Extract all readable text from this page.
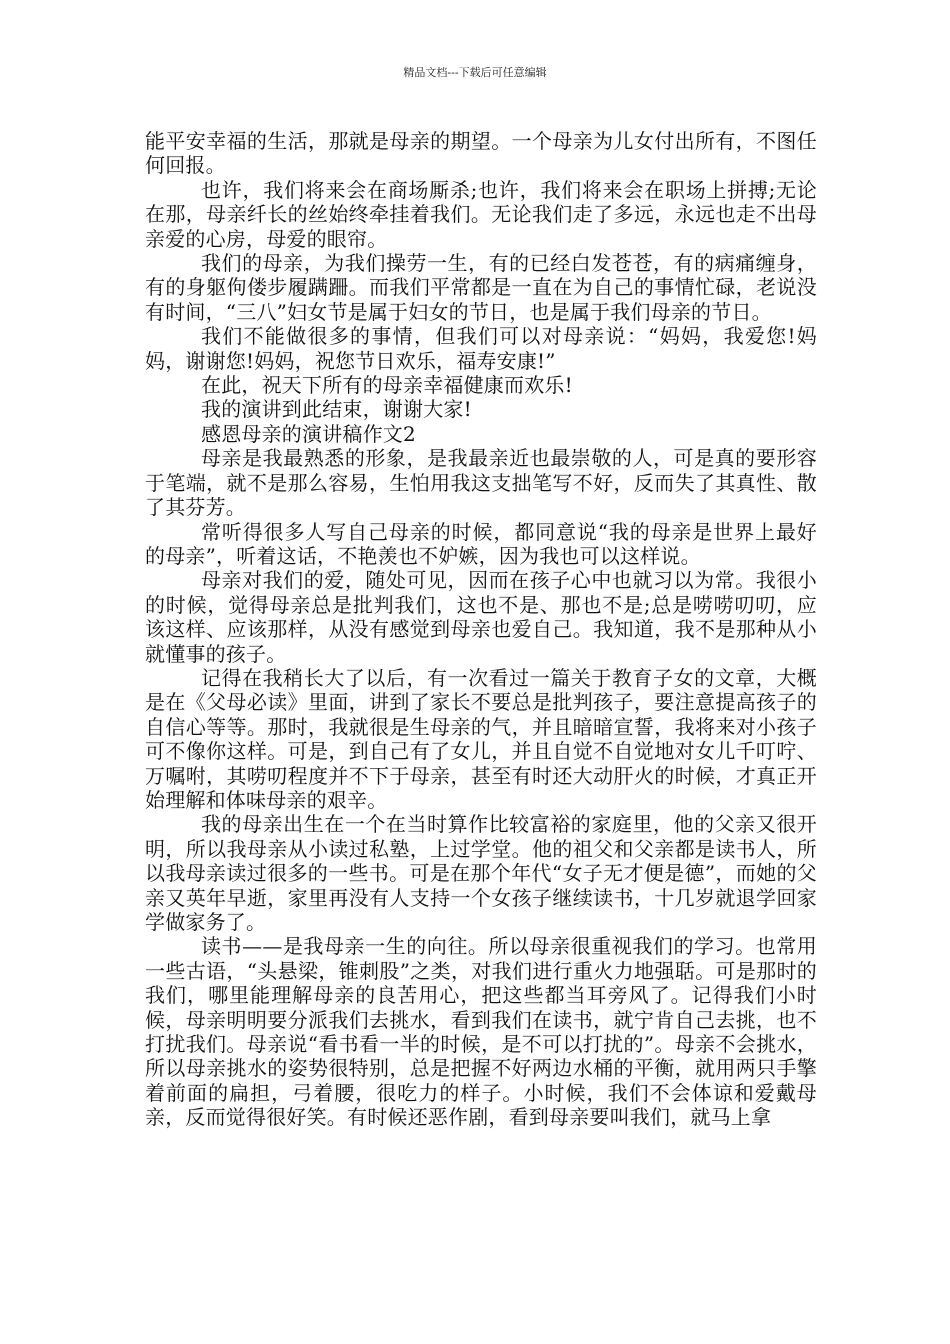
精品文档---下载后可任意编辑

能平安幸福的生活，那就是母亲的期望。一个母亲为儿女付出所有，不图任何回报。

也许，我们将来会在商场厮杀;也许，我们将来会在职场上拼搏;无论在那，母亲纤长的丝始终牵挂着我们。无论我们走了多远，永远也走不出母亲爱的心房，母爱的眼帘。

我们的母亲，为我们操劳一生，有的已经白发苍苍，有的病痛缠身，有的身躯佝偻步履蹒跚。而我们平常都是一直在为自己的事情忙碌，老说没有时间，“三八”妇女节是属于妇女的节日，也是属于我们母亲的节日。

我们不能做很多的事情，但我们可以对母亲说：“妈妈，我爱您!妈妈，谢谢您!妈妈，祝您节日欢乐，福寿安康!”

在此，祝天下所有的母亲幸福健康而欢乐!

我的演讲到此结束，谢谢大家!

感恩母亲的演讲稿作文2

母亲是我最熟悉的形象，是我最亲近也最崇敬的人，可是真的要形容于笔端，就不是那么容易，生怕用我这支拙笔写不好，反而失了其真性、散了其芬芳。

常听得很多人写自己母亲的时候，都同意说“我的母亲是世界上最好的母亲”，听着这话，不艳羡也不妒嫉，因为我也可以这样说。

母亲对我们的爱，随处可见，因而在孩子心中也就习以为常。我很小的时候，觉得母亲总是批判我们，这也不是、那也不是;总是唠唠叨叨，应该这样、应该那样，从没有感觉到母亲也爱自己。我知道，我不是那种从小就懂事的孩子。

记得在我稍长大了以后，有一次看过一篇关于教育子女的文章，大概是在《父母必读》里面，讲到了家长不要总是批判孩子，要注意提高孩子的自信心等等。那时，我就很是生母亲的气，并且暗暗宣誓，我将来对小孩子可不像你这样。可是，到自己有了女儿，并且自觉不自觉地对女儿千叮咛、万嘱咐，其唠叨程度并不下于母亲，甚至有时还大动肝火的时候，才真正开始理解和体味母亲的艰辛。

我的母亲出生在一个在当时算作比较富裕的家庭里，他的父亲又很开明，所以我母亲从小读过私塾，上过学堂。他的祖父和父亲都是读书人，所以我母亲读过很多的一些书。可是在那个年代“女子无才便是德”，而她的父亲又英年早逝，家里再没有人支持一个女孩子继续读书，十几岁就退学回家学做家务了。

读书——是我母亲一生的向往。所以母亲很重视我们的学习。也常用一些古语，“头悬梁，锥刺股”之类，对我们进行重火力地强聒。可是那时的我们，哪里能理解母亲的良苦用心，把这些都当耳旁风了。记得我们小时候，母亲明明要分派我们去挑水，看到我们在读书，就宁肯自己去挑，也不打扰我们。母亲说“看书看一半的时候，是不可以打扰的”。母亲不会挑水，所以母亲挑水的姿势很特别，总是把握不好两边水桶的平衡，就用两只手擎着前面的扁担，弓着腰，很吃力的样子。小时候，我们不会体谅和爱戴母亲，反而觉得很好笑。有时候还恶作剧，看到母亲要叫我们，就马上拿
